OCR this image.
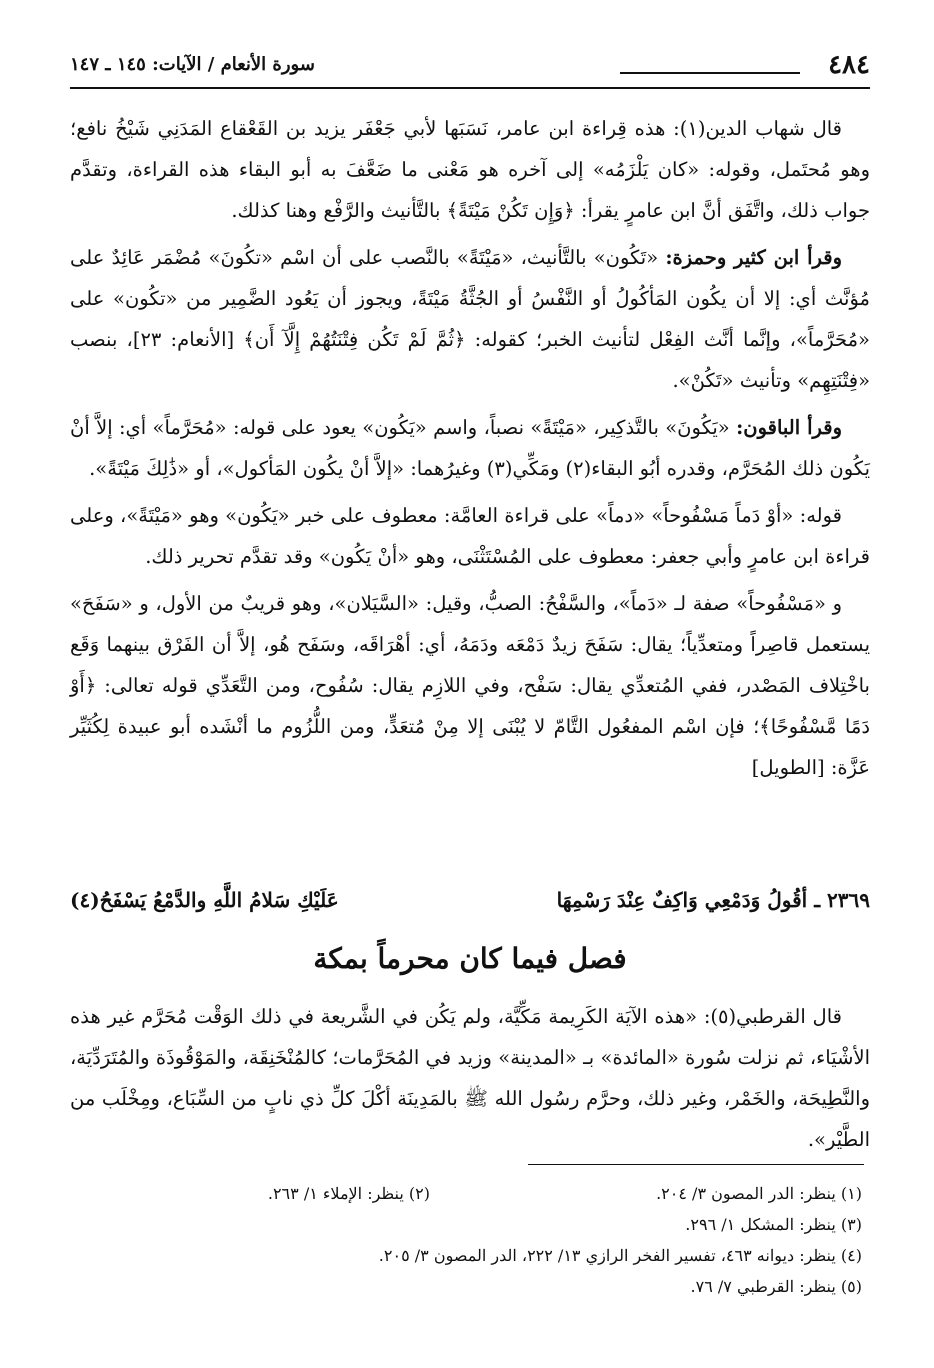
٤٨٤
سورة الأنعام / الآيات: ١٤٥ ـ ١٤٧

قال شهاب الدين(١): هذه قِراءة ابن عامر، نَسَبَها لأبي جَعْفَر يزيد بن القَعْقاع المَدَنِي شَيْخُ نافع؛ وهو مُحتَمل، وقوله: «كان يَلْزَمُه» إلى آخره هو مَعْنى ما ضَعَّفَ به أبو البقاء هذه القراءة، وتقدَّم جواب ذلك، واتَّفَق أنَّ ابن عامرٍ يقرأ: ﴿وَإِن تَكُنْ مَيْتَةً﴾ بالتَّأنيث والرَّفْع وهنا كذلك.

وقرأ ابن كثير وحمزة: «تَكُون» بالتَّأنيث، «مَيْتَةً» بالنَّصب على أن اسْم «تكُونَ» مُضْمَر عَائِدٌ على مُؤنَّث أي: إلا أن يكُون المَأكُولُ أو النَّفْسُ أو الجُثَّةُ مَيْتَةً، ويجوز أن يَعُود الضَّمِير من «تكُون» على «مُحَرَّماً»، وإنَّما أنَّث الفِعْل لتأنيث الخبر؛ كقوله: ﴿ثُمَّ لَمْ تَكُن فِتْنَتُهُمْ إِلَّآ أَن﴾ [الأنعام: ٢٣]، بنصب «فِتْنَتِهِم» وتأنيث «تَكُنْ».

وقرأ الباقون: «يَكُونَ» بالتَّذكِير، «مَيْتَةً» نصباً، واسم «يَكُون» يعود على قوله: «مُحَرَّماً» أي: إلاَّ أنْ يَكُون ذلك المُحَرَّم، وقدره أبُو البقاء(٢) ومَكِّي(٣) وغيرُهما: «إلاَّ أنْ يكُون المَأكول»، أو «ذَٰلِكَ مَيْتَةً».

قوله: «أوْ دَماً مَسْفُوحاً» «دماً» على قراءة العامَّة: معطوف على خبر «يَكُون» وهو «مَيْتَةً»، وعلى قراءة ابن عامرٍ وأبي جعفر: معطوف على المُسْتَثْنَى، وهو «أنْ يَكُون» وقد تقدَّم تحرير ذلك.

و «مَسْفُوحاً» صفة لـ «دَماً»، والسَّفْحُ: الصبُّ، وقيل: «السَّيَلان»، وهو قريبٌ من الأول، و «سَفَحَ» يستعمل قاصِراً ومتعدِّياً؛ يقال: سَفَحَ زيدٌ دَمْعَه ودَمَهُ، أي: أهْرَاقَه، وسَفَح هُو، إلاَّ أن الفَرْق بينهما وَقَع باخْتِلاف المَصْدر، ففي المُتعدِّي يقال: سَفْح، وفي اللازِم يقال: سُفُوح، ومن التَّعَدِّي قوله تعالى: ﴿أَوْ دَمًا مَّسْفُوحًا﴾؛ فإن اسْم المفعُول التَّامّ لا يُبْنَى إلا مِنْ مُتعَدٍّ، ومن اللُّزُوم ما أنْشَده أبو عبيدة لِكُثَيِّر عَزَّة: [الطويل]

٢٣٦٩ ـ أقُولُ وَدَمْعِي وَاكِفٌ عِنْدَ رَسْمِهَا
عَلَيْكِ سَلامُ اللَّهِ والدَّمْعُ يَسْفَحُ(٤)
فصل فيما كان محرماً بمكة

قال القرطبي(٥): «هذه الآيَة الكَرِيمة مَكِّيَّة، ولم يَكُن في الشَّريعة في ذلك الوَقْت مُحَرَّم غير هذه الأشْيَاء، ثم نزلت سُورة «المائدة» بـ «المدينة» وزيد في المُحَرَّمات؛ كالمُنْخَنِقَة، والمَوْقُوذَة والمُتَرَدِّيَة، والنَّطِيحَة، والخَمْر، وغير ذلك، وحرَّم رسُول الله ﷺ بالمَدِينَة أكْلَ كلِّ ذي نابٍ من السِّبَاع، ومِخْلَب من الطَّيْر».

(١) ينظر: الدر المصون ٣/ ٢٠٤.
(٢) ينظر: الإملاء ١/ ٢٦٣.
(٣) ينظر: المشكل ١/ ٢٩٦.
(٤) ينظر: ديوانه ٤٦٣، تفسير الفخر الرازي ١٣/ ٢٢٢، الدر المصون ٣/ ٢٠٥.
(٥) ينظر: القرطبي ٧/ ٧٦.
